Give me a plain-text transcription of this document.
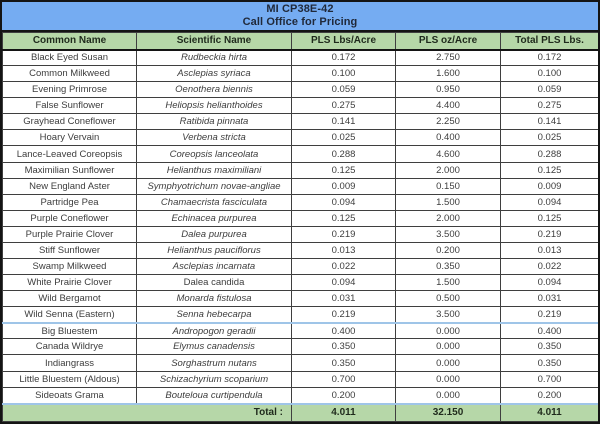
MI CP38E-42
Call Office for Pricing
Common Name	Scientific Name	PLS Lbs/Acre	PLS oz/Acre	Total PLS Lbs.
Black Eyed Susan	Rudbeckia hirta	0.172	2.750	0.172
Common Milkweed	Asclepias syriaca	0.100	1.600	0.100
Evening Primrose	Oenothera biennis	0.059	0.950	0.059
False Sunflower	Heliopsis helianthoides	0.275	4.400	0.275
Grayhead Coneflower	Ratibida pinnata	0.141	2.250	0.141
Hoary Vervain	Verbena stricta	0.025	0.400	0.025
Lance-Leaved Coreopsis	Coreopsis lanceolata	0.288	4.600	0.288
Maximilian Sunflower	Helianthus maximiliani	0.125	2.000	0.125
New England Aster	Symphyotrichum novae-angliae	0.009	0.150	0.009
Partridge Pea	Chamaecrista fasciculata	0.094	1.500	0.094
Purple Coneflower	Echinacea purpurea	0.125	2.000	0.125
Purple Prairie Clover	Dalea purpurea	0.219	3.500	0.219
Stiff Sunflower	Helianthus pauciflorus	0.013	0.200	0.013
Swamp Milkweed	Asclepias incarnata	0.022	0.350	0.022
White Prairie Clover	Dalea candida	0.094	1.500	0.094
Wild Bergamot	Monarda fistulosa	0.031	0.500	0.031
Wild Senna (Eastern)	Senna hebecarpa	0.219	3.500	0.219
Big Bluestem	Andropogon geradii	0.400	0.000	0.400
Canada Wildrye	Elymus canadensis	0.350	0.000	0.350
Indiangrass	Sorghastrum nutans	0.350	0.000	0.350
Little Bluestem (Aldous)	Schizachyrium scoparium	0.700	0.000	0.700
Sideoats Grama	Bouteloua curtipendula	0.200	0.000	0.200
Total :		4.011	32.150	4.011
